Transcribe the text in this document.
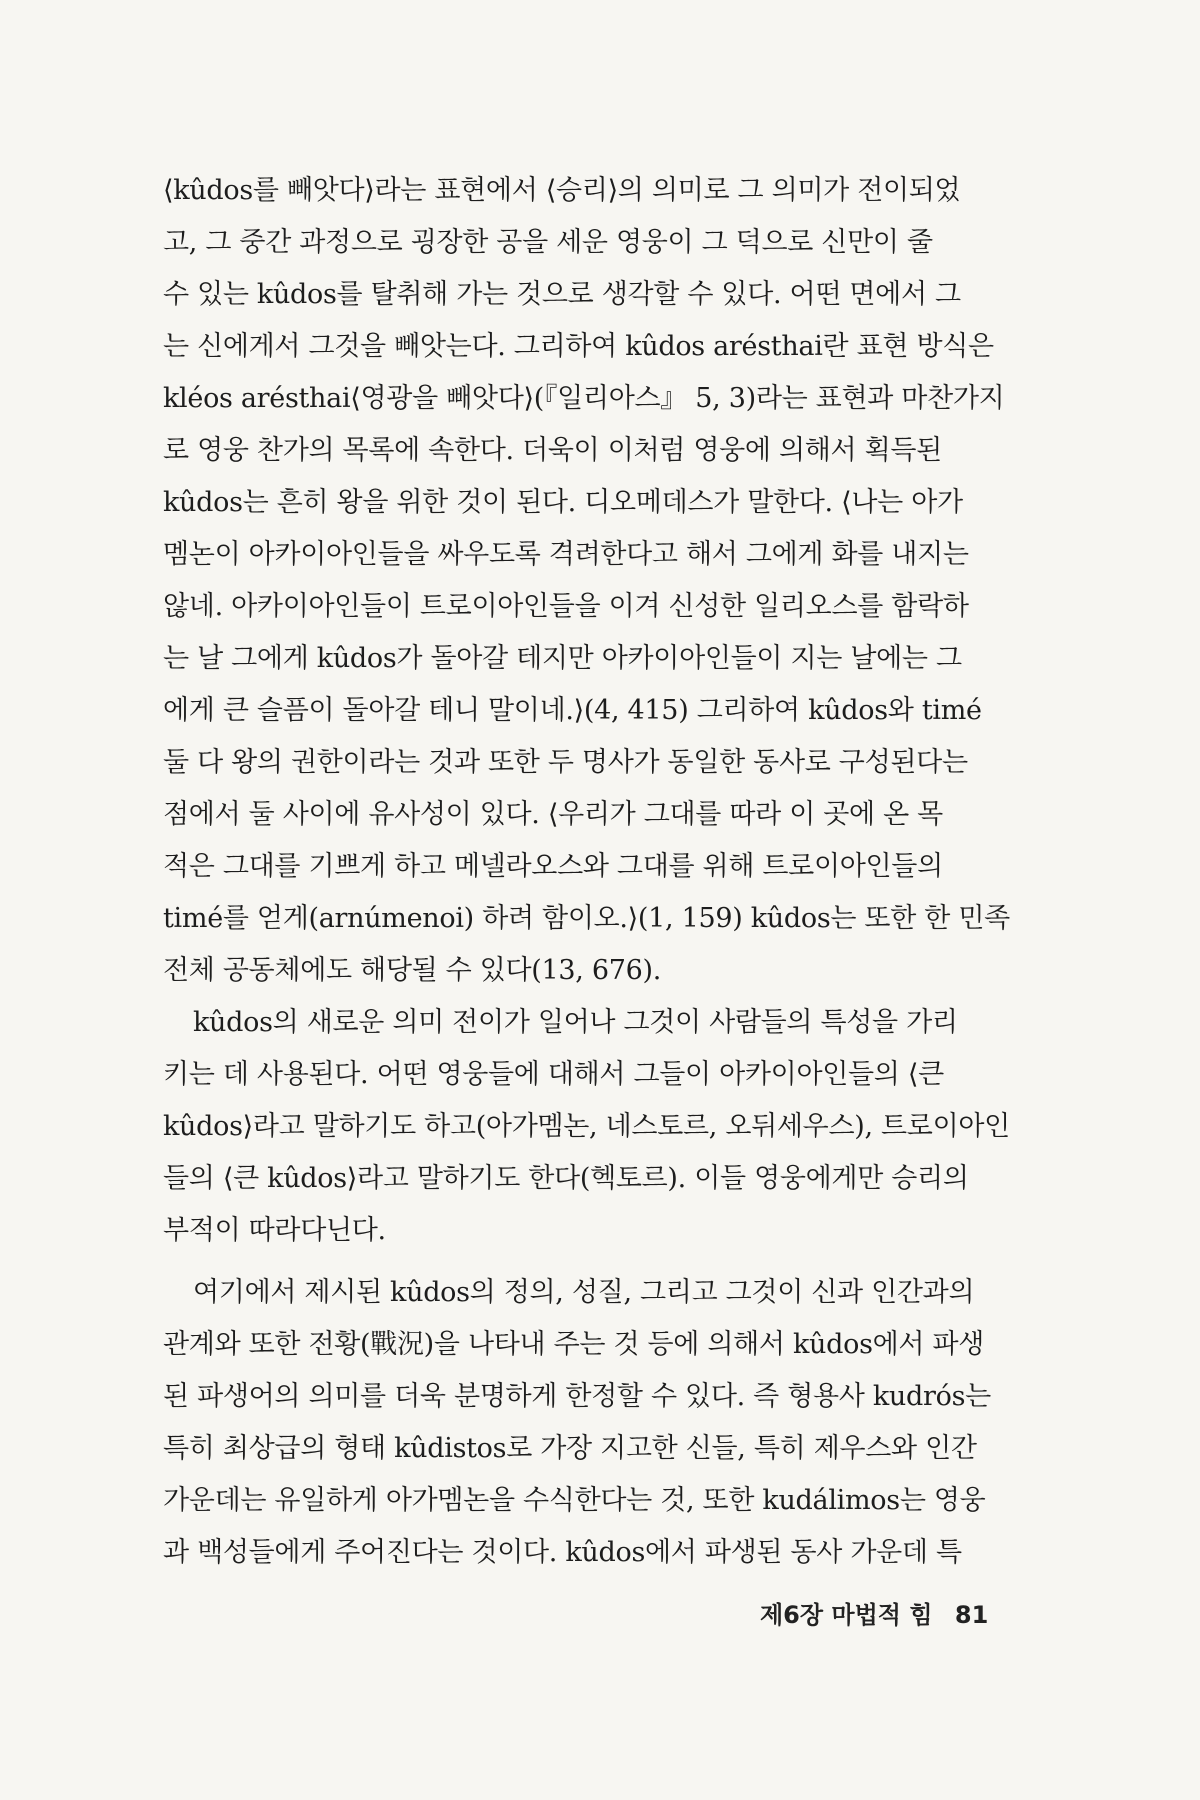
⟨kûdos를 빼앗다⟩라는 표현에서 ⟨승리⟩의 의미로 그 의미가 전이되었
고, 그 중간 과정으로 굉장한 공을 세운 영웅이 그 덕으로 신만이 줄
수 있는 kûdos를 탈취해 가는 것으로 생각할 수 있다. 어떤 면에서 그
는 신에게서 그것을 빼앗는다. 그리하여 kûdos arésthai란 표현 방식은
kléos arésthai⟨영광을 빼앗다⟩(『일리아스』 5, 3)라는 표현과 마찬가지
로 영웅 찬가의 목록에 속한다. 더욱이 이처럼 영웅에 의해서 획득된
kûdos는 흔히 왕을 위한 것이 된다. 디오메데스가 말한다. ⟨나는 아가
멤논이 아카이아인들을 싸우도록 격려한다고 해서 그에게 화를 내지는
않네. 아카이아인들이 트로이아인들을 이겨 신성한 일리오스를 함락하
는 날 그에게 kûdos가 돌아갈 테지만 아카이아인들이 지는 날에는 그
에게 큰 슬픔이 돌아갈 테니 말이네.⟩(4, 415) 그리하여 kûdos와 timé
둘 다 왕의 권한이라는 것과 또한 두 명사가 동일한 동사로 구성된다는
점에서 둘 사이에 유사성이 있다. ⟨우리가 그대를 따라 이 곳에 온 목
적은 그대를 기쁘게 하고 메넬라오스와 그대를 위해 트로이아인들의
timé를 얻게(arnúmenoi) 하려 함이오.⟩(1, 159) kûdos는 또한 한 민족
전체 공동체에도 해당될 수 있다(13, 676).
kûdos의 새로운 의미 전이가 일어나 그것이 사람들의 특성을 가리
키는 데 사용된다. 어떤 영웅들에 대해서 그들이 아카이아인들의 ⟨큰
kûdos⟩라고 말하기도 하고(아가멤논, 네스토르, 오뒤세우스), 트로이아인
들의 ⟨큰 kûdos⟩라고 말하기도 한다(헥토르). 이들 영웅에게만 승리의
부적이 따라다닌다.
여기에서 제시된 kûdos의 정의, 성질, 그리고 그것이 신과 인간과의
관계와 또한 전황(戰況)을 나타내 주는 것 등에 의해서 kûdos에서 파생
된 파생어의 의미를 더욱 분명하게 한정할 수 있다. 즉 형용사 kudrós는
특히 최상급의 형태 kûdistos로 가장 지고한 신들, 특히 제우스와 인간
가운데는 유일하게 아가멤논을 수식한다는 것, 또한 kudálimos는 영웅
과 백성들에게 주어진다는 것이다. kûdos에서 파생된 동사 가운데 특
제6장 마법적 힘 81
